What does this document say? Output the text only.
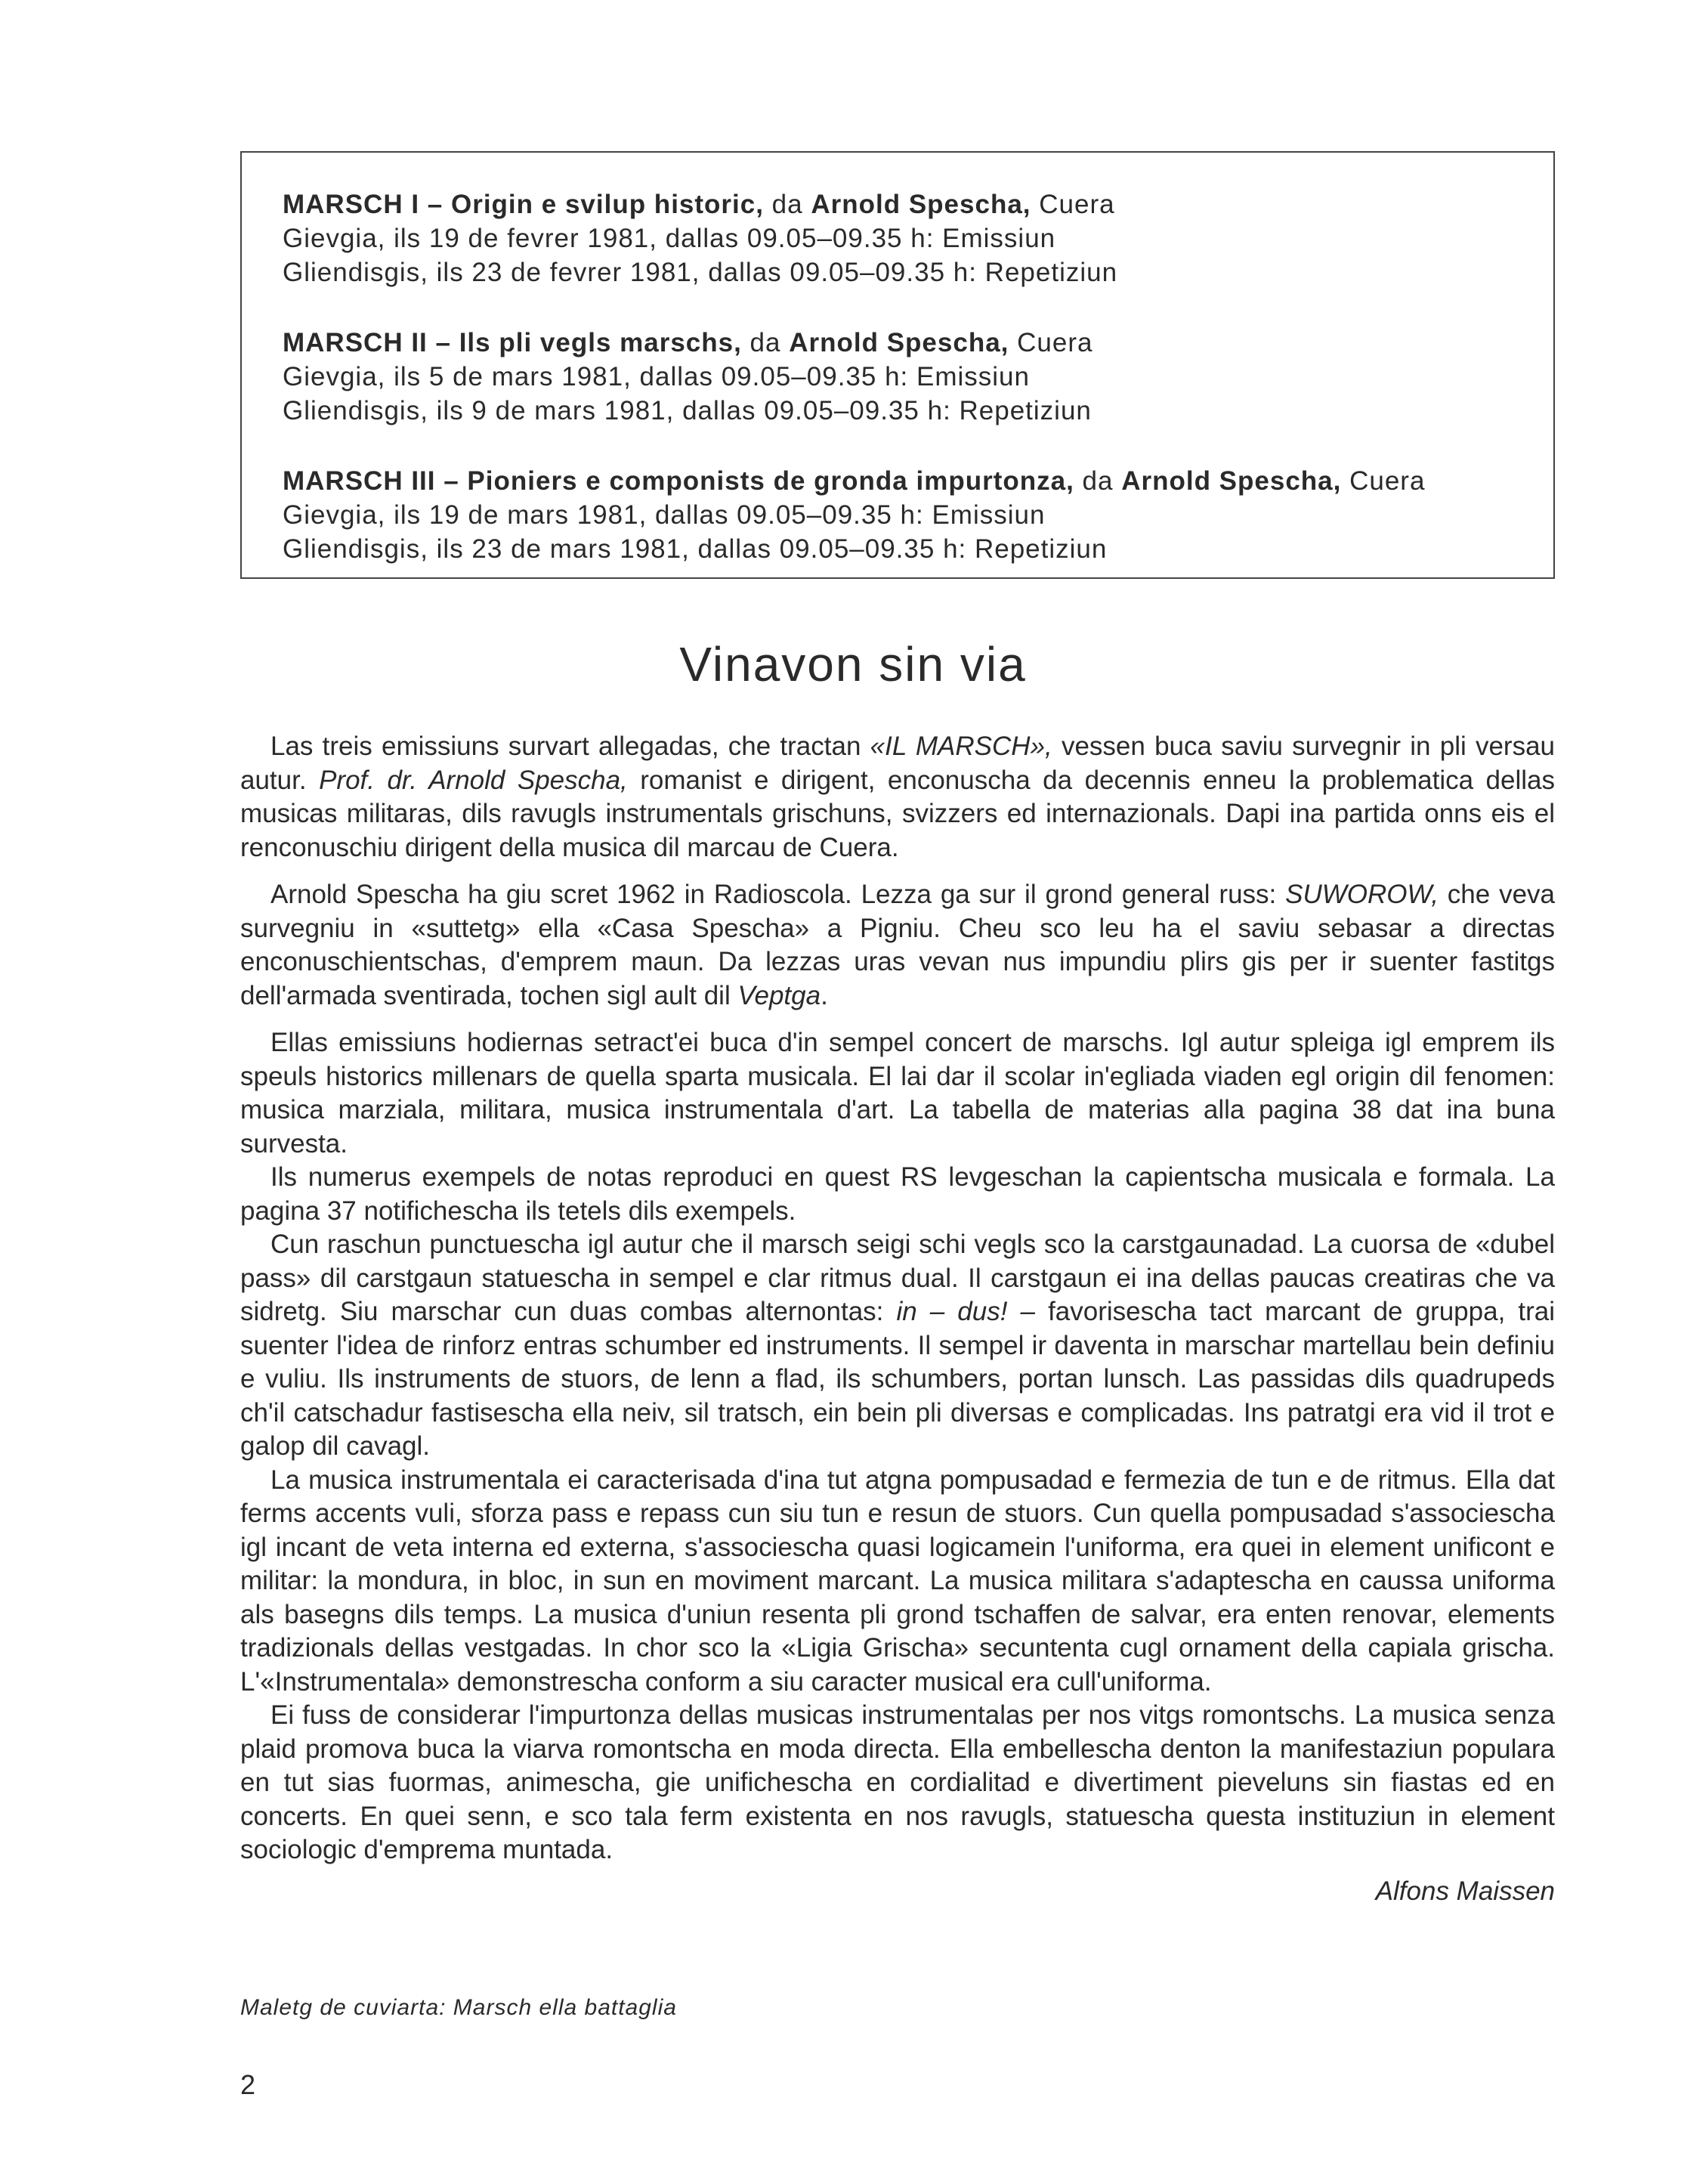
MARSCH I – Origin e svilup historic, da Arnold Spescha, Cuera

Gievgia, ils 19 de fevrer 1981, dallas 09.05–09.35 h: Emissiun

Gliendisgis, ils 23 de fevrer 1981, dallas 09.05–09.35 h: Repetiziun

MARSCH II – Ils pli vegls marschs, da Arnold Spescha, Cuera

Gievgia, ils 5 de mars 1981, dallas 09.05–09.35 h: Emissiun

Gliendisgis, ils 9 de mars 1981, dallas 09.05–09.35 h: Repetiziun

MARSCH III – Pioniers e componists de gronda impurtonza, da Arnold Spescha, Cuera

Gievgia, ils 19 de mars 1981, dallas 09.05–09.35 h: Emissiun

Gliendisgis, ils 23 de mars 1981, dallas 09.05–09.35 h: Repetiziun

Vinavon sin via

Las treis emissiuns survart allegadas, che tractan «IL MARSCH», vessen buca saviu survegnir in pli versau autur. Prof. dr. Arnold Spescha, romanist e dirigent, enconuscha da decennis enneu la problematica dellas musicas militaras, dils ravugls instrumentals grischuns, svizzers ed internazionals. Dapi ina partida onns eis el renconuschiu dirigent della musica dil marcau de Cuera.

Arnold Spescha ha giu scret 1962 in Radioscola. Lezza ga sur il grond general russ: SUWOROW, che veva survegniu in «suttetg» ella «Casa Spescha» a Pigniu. Cheu sco leu ha el saviu sebasar a directas enconuschientschas, d'emprem maun. Da lezzas uras vevan nus impundiu plirs gis per ir suenter fastitgs dell'armada sventirada, tochen sigl ault dil Veptga.

Ellas emissiuns hodiernas setract'ei buca d'in sempel concert de marschs. Igl autur spleiga igl emprem ils speuls historics millenars de quella sparta musicala. El lai dar il scolar in'egliada viaden egl origin dil fenomen: musica marziala, militara, musica instrumentala d'art. La tabella de materias alla pagina 38 dat ina buna survesta.

Ils numerus exempels de notas reproduci en quest RS levgeschan la capientscha musicala e formala. La pagina 37 notifichescha ils tetels dils exempels.

Cun raschun punctuescha igl autur che il marsch seigi schi vegls sco la carstgaunadad. La cuorsa de «dubel pass» dil carstgaun statuescha in sempel e clar ritmus dual. Il carstgaun ei ina dellas paucas creatiras che va sidretg. Siu marschar cun duas combas alternontas: in – dus! – favorisescha tact marcant de gruppa, trai suenter l'idea de rinforz entras schumber ed instruments. Il sempel ir daventa in marschar martellau bein definiu e vuliu. Ils instruments de stuors, de lenn a flad, ils schumbers, portan lunsch. Las passidas dils quadrupeds ch'il catschadur fastisescha ella neiv, sil tratsch, ein bein pli diversas e complicadas. Ins patratgi era vid il trot e galop dil cavagl.

La musica instrumentala ei caracterisada d'ina tut atgna pompusadad e fermezia de tun e de ritmus. Ella dat ferms accents vuli, sforza pass e repass cun siu tun e resun de stuors. Cun quella pompusadad s'associescha igl incant de veta interna ed externa, s'associescha quasi logicamein l'uniforma, era quei in element unificont e militar: la mondura, in bloc, in sun en moviment marcant. La musica militara s'adaptescha en caussa uniforma als basegns dils temps. La musica d'uniun resenta pli grond tschaffen de salvar, era enten renovar, elements tradizionals dellas vestgadas. In chor sco la «Ligia Grischa» secuntenta cugl ornament della capiala grischa. L'«Instrumentala» demonstrescha conform a siu caracter musical era cull'uniforma.

Ei fuss de considerar l'impurtonza dellas musicas instrumentalas per nos vitgs romontschs. La musica senza plaid promova buca la viarva romontscha en moda directa. Ella embellescha denton la manifestaziun populara en tut sias fuormas, animescha, gie unifichescha en cordialitad e divertiment pieveluns sin fiastas ed en concerts. En quei senn, e sco tala ferm existenta en nos ravugls, statuescha questa instituziun in element sociologic d'emprema muntada.

Alfons Maissen

Maletg de cuviarta: Marsch ella battaglia

2
